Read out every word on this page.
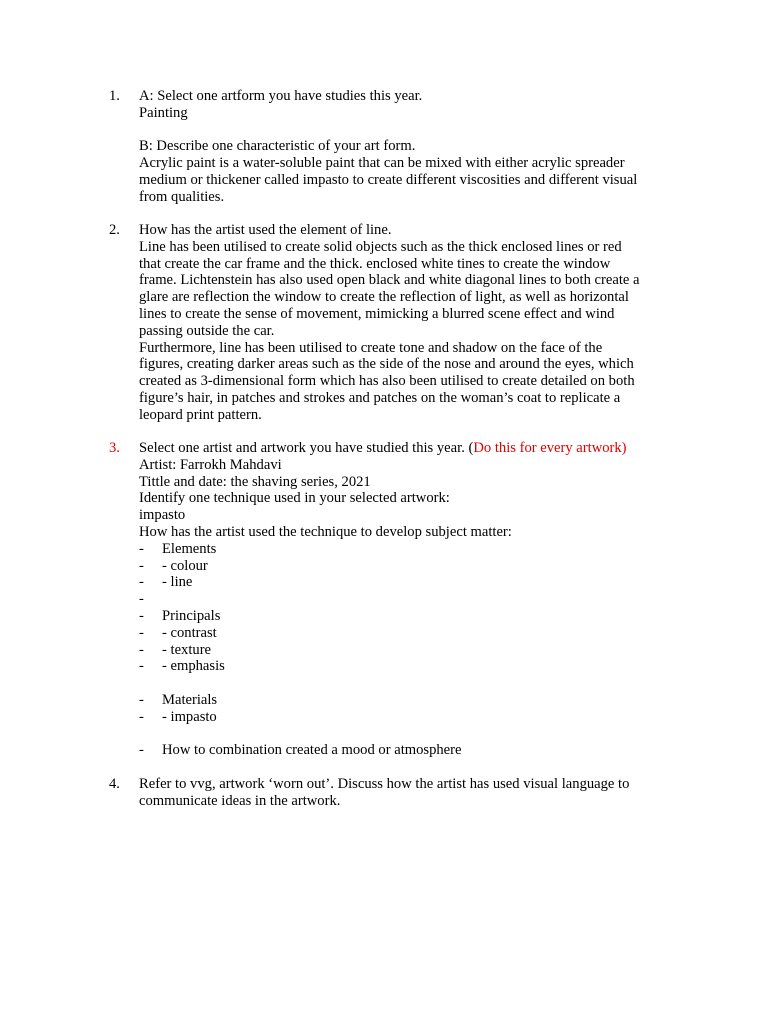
1.	A: Select one artform you have studies this year.
Painting
B: Describe one characteristic of your art form.
Acrylic paint is a water-soluble paint that can be mixed with either acrylic spreader
medium or thickener called impasto to create different viscosities and different visual
from qualities.
2.	How has the artist used the element of line.
Line has been utilised to create solid objects such as the thick enclosed lines or red
that create the car frame and the thick. enclosed white tines to create the window
frame. Lichtenstein has also used open black and white diagonal lines to both create a
glare are reflection the window to create the reflection of light, as well as horizontal
lines to create the sense of movement, mimicking a blurred scene effect and wind
passing outside the car.
Furthermore, line has been utilised to create tone and shadow on the face of the
figures, creating darker areas such as the side of the nose and around the eyes, which
created as 3-dimensional form which has also been utilised to create detailed on both
figure’s hair, in patches and strokes and patches on the woman’s coat to replicate a
leopard print pattern.
3.	Select one artist and artwork you have studied this year. (Do this for every artwork)
Artist: Farrokh Mahdavi
Tittle and date: the shaving series, 2021
Identify one technique used in your selected artwork:
impasto
How has the artist used the technique to develop subject matter:
-	Elements
-	- colour
-	- line
-
-	Principals
-	- contrast
-	- texture
-	- emphasis
-	Materials
-	- impasto
-	How to combination created a mood or atmosphere
4.	Refer to vvg, artwork ‘worn out’. Discuss how the artist has used visual language to
communicate ideas in the artwork.
